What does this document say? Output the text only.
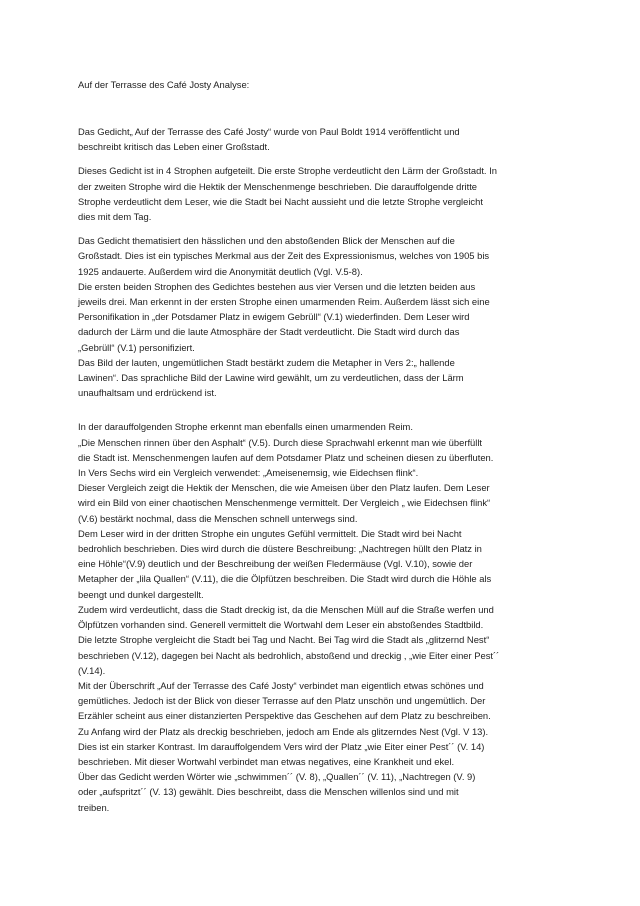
Auf der Terrasse des Café Josty Analyse:
Das Gedicht„ Auf der Terrasse des Café Josty“ wurde von Paul Boldt 1914 veröffentlicht und
beschreibt kritisch das Leben einer Großstadt.
Dieses Gedicht ist in 4 Strophen aufgeteilt. Die erste Strophe verdeutlicht den Lärm der Großstadt. In
der zweiten Strophe wird die Hektik der Menschenmenge beschrieben. Die darauffolgende dritte
Strophe verdeutlicht dem Leser, wie die Stadt bei Nacht aussieht und die letzte Strophe vergleicht
dies mit dem Tag.
Das Gedicht thematisiert den hässlichen und den abstoßenden Blick der Menschen auf die
Großstadt. Dies ist ein typisches Merkmal aus der Zeit des Expressionismus, welches von 1905 bis
1925 andauerte. Außerdem wird die Anonymität deutlich (Vgl. V.5-8).
Die ersten beiden Strophen des Gedichtes bestehen aus vier Versen und die letzten beiden aus
jeweils drei. Man erkennt in der ersten Strophe einen umarmenden Reim. Außerdem lässt sich eine
Personifikation in „der Potsdamer Platz in ewigem Gebrüll“ (V.1) wiederfinden. Dem Leser wird
dadurch der Lärm und die laute Atmosphäre der Stadt verdeutlicht. Die Stadt wird durch das
„Gebrüll“ (V.1) personifiziert.
Das Bild der lauten, ungemütlichen Stadt bestärkt zudem die Metapher in Vers 2:„ hallende
Lawinen“. Das sprachliche Bild der Lawine wird gewählt, um zu verdeutlichen, dass der Lärm
unaufhaltsam und erdrückend ist.
In der darauffolgenden Strophe erkennt man ebenfalls einen umarmenden Reim.
„Die Menschen rinnen über den Asphalt“ (V.5). Durch diese Sprachwahl erkennt man wie überfüllt
die Stadt ist. Menschenmengen laufen auf dem Potsdamer Platz und scheinen diesen zu überfluten.
In Vers Sechs wird ein Vergleich verwendet: „Ameisenemsig, wie Eidechsen flink“.
Dieser Vergleich zeigt die Hektik der Menschen, die wie Ameisen über den Platz laufen. Dem Leser
wird ein Bild von einer chaotischen Menschenmenge vermittelt. Der Vergleich „ wie Eidechsen flink“
(V.6) bestärkt nochmal, dass die Menschen schnell unterwegs sind.
Dem Leser wird in der dritten Strophe ein ungutes Gefühl vermittelt. Die Stadt wird bei Nacht
bedrohlich beschrieben. Dies wird durch die düstere Beschreibung: „Nachtregen hüllt den Platz in
eine Höhle“(V.9) deutlich und der Beschreibung der weißen Fledermäuse (Vgl. V.10), sowie der
Metapher der „lila Quallen“ (V.11), die die Ölpfützen beschreiben. Die Stadt wird durch die Höhle als
beengt und dunkel dargestellt.
Zudem wird verdeutlicht, dass die Stadt dreckig ist, da die Menschen Müll auf die Straße werfen und
Ölpfützen vorhanden sind. Generell vermittelt die Wortwahl dem Leser ein abstoßendes Stadtbild.
Die letzte Strophe vergleicht die Stadt bei Tag und Nacht. Bei Tag wird die Stadt als „glitzernd Nest“
beschrieben (V.12), dagegen bei Nacht als bedrohlich, abstoßend und dreckig , „wie Eiter einer Pest´´
(V.14).
Mit der Überschrift „Auf der Terrasse des Café Josty“ verbindet man eigentlich etwas schönes und
gemütliches. Jedoch ist der Blick von dieser Terrasse auf den Platz unschön und ungemütlich. Der
Erzähler scheint aus einer distanzierten Perspektive das Geschehen auf dem Platz zu beschreiben.
Zu Anfang wird der Platz als dreckig beschrieben, jedoch am Ende als glitzerndes Nest (Vgl. V 13).
Dies ist ein starker Kontrast. Im darauffolgendem Vers wird der Platz „wie Eiter einer Pest´´ (V. 14)
beschrieben. Mit dieser Wortwahl verbindet man etwas negatives, eine Krankheit und ekel.
Über das Gedicht werden Wörter wie „schwimmen´´ (V. 8), „Quallen´´ (V. 11), „Nachtregen (V. 9)
oder „aufspritzt´´ (V. 13) gewählt. Dies beschreibt, dass die Menschen willenlos sind und mit
treiben.
